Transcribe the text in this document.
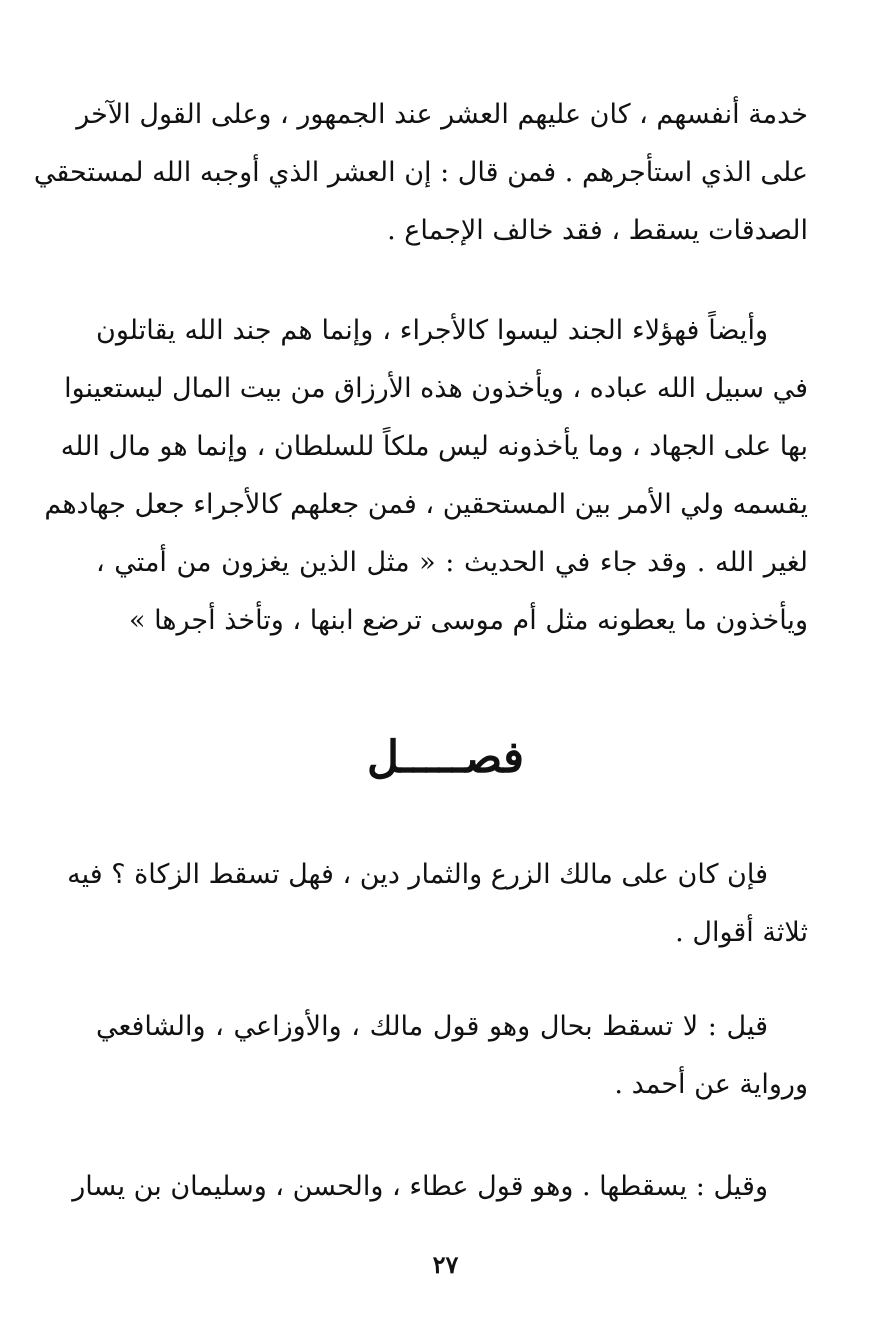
خدمة أنفسهم ، كان عليهم العشر عند الجمهور ، وعلى القول الآخر
على الذي استأجرهم . فمن قال : إن العشر الذي أوجبه الله لمستحقي
الصدقات يسقط ، فقد خالف الإجماع .
وأيضاً فهؤلاء الجند ليسوا كالأجراء ، وإنما هم جند الله يقاتلون
في سبيل الله عباده ، ويأخذون هذه الأرزاق من بيت المال ليستعينوا
بها على الجهاد ، وما يأخذونه ليس ملكاً للسلطان ، وإنما هو مال الله
يقسمه ولي الأمر بين المستحقين ، فمن جعلهم كالأجراء جعل جهادهم
لغير الله . وقد جاء في الحديث : « مثل الذين يغزون من أمتي ،
ويأخذون ما يعطونه مثل أم موسى ترضع ابنها ، وتأخذ أجرها »
فصـــــل
فإن كان على مالك الزرع والثمار دين ، فهل تسقط الزكاة ؟ فيه
ثلاثة أقوال .
قيل : لا تسقط بحال وهو قول مالك ، والأوزاعي ، والشافعي
ورواية عن أحمد .
وقيل : يسقطها . وهو قول عطاء ، والحسن ، وسليمان بن يسار
٢٧
